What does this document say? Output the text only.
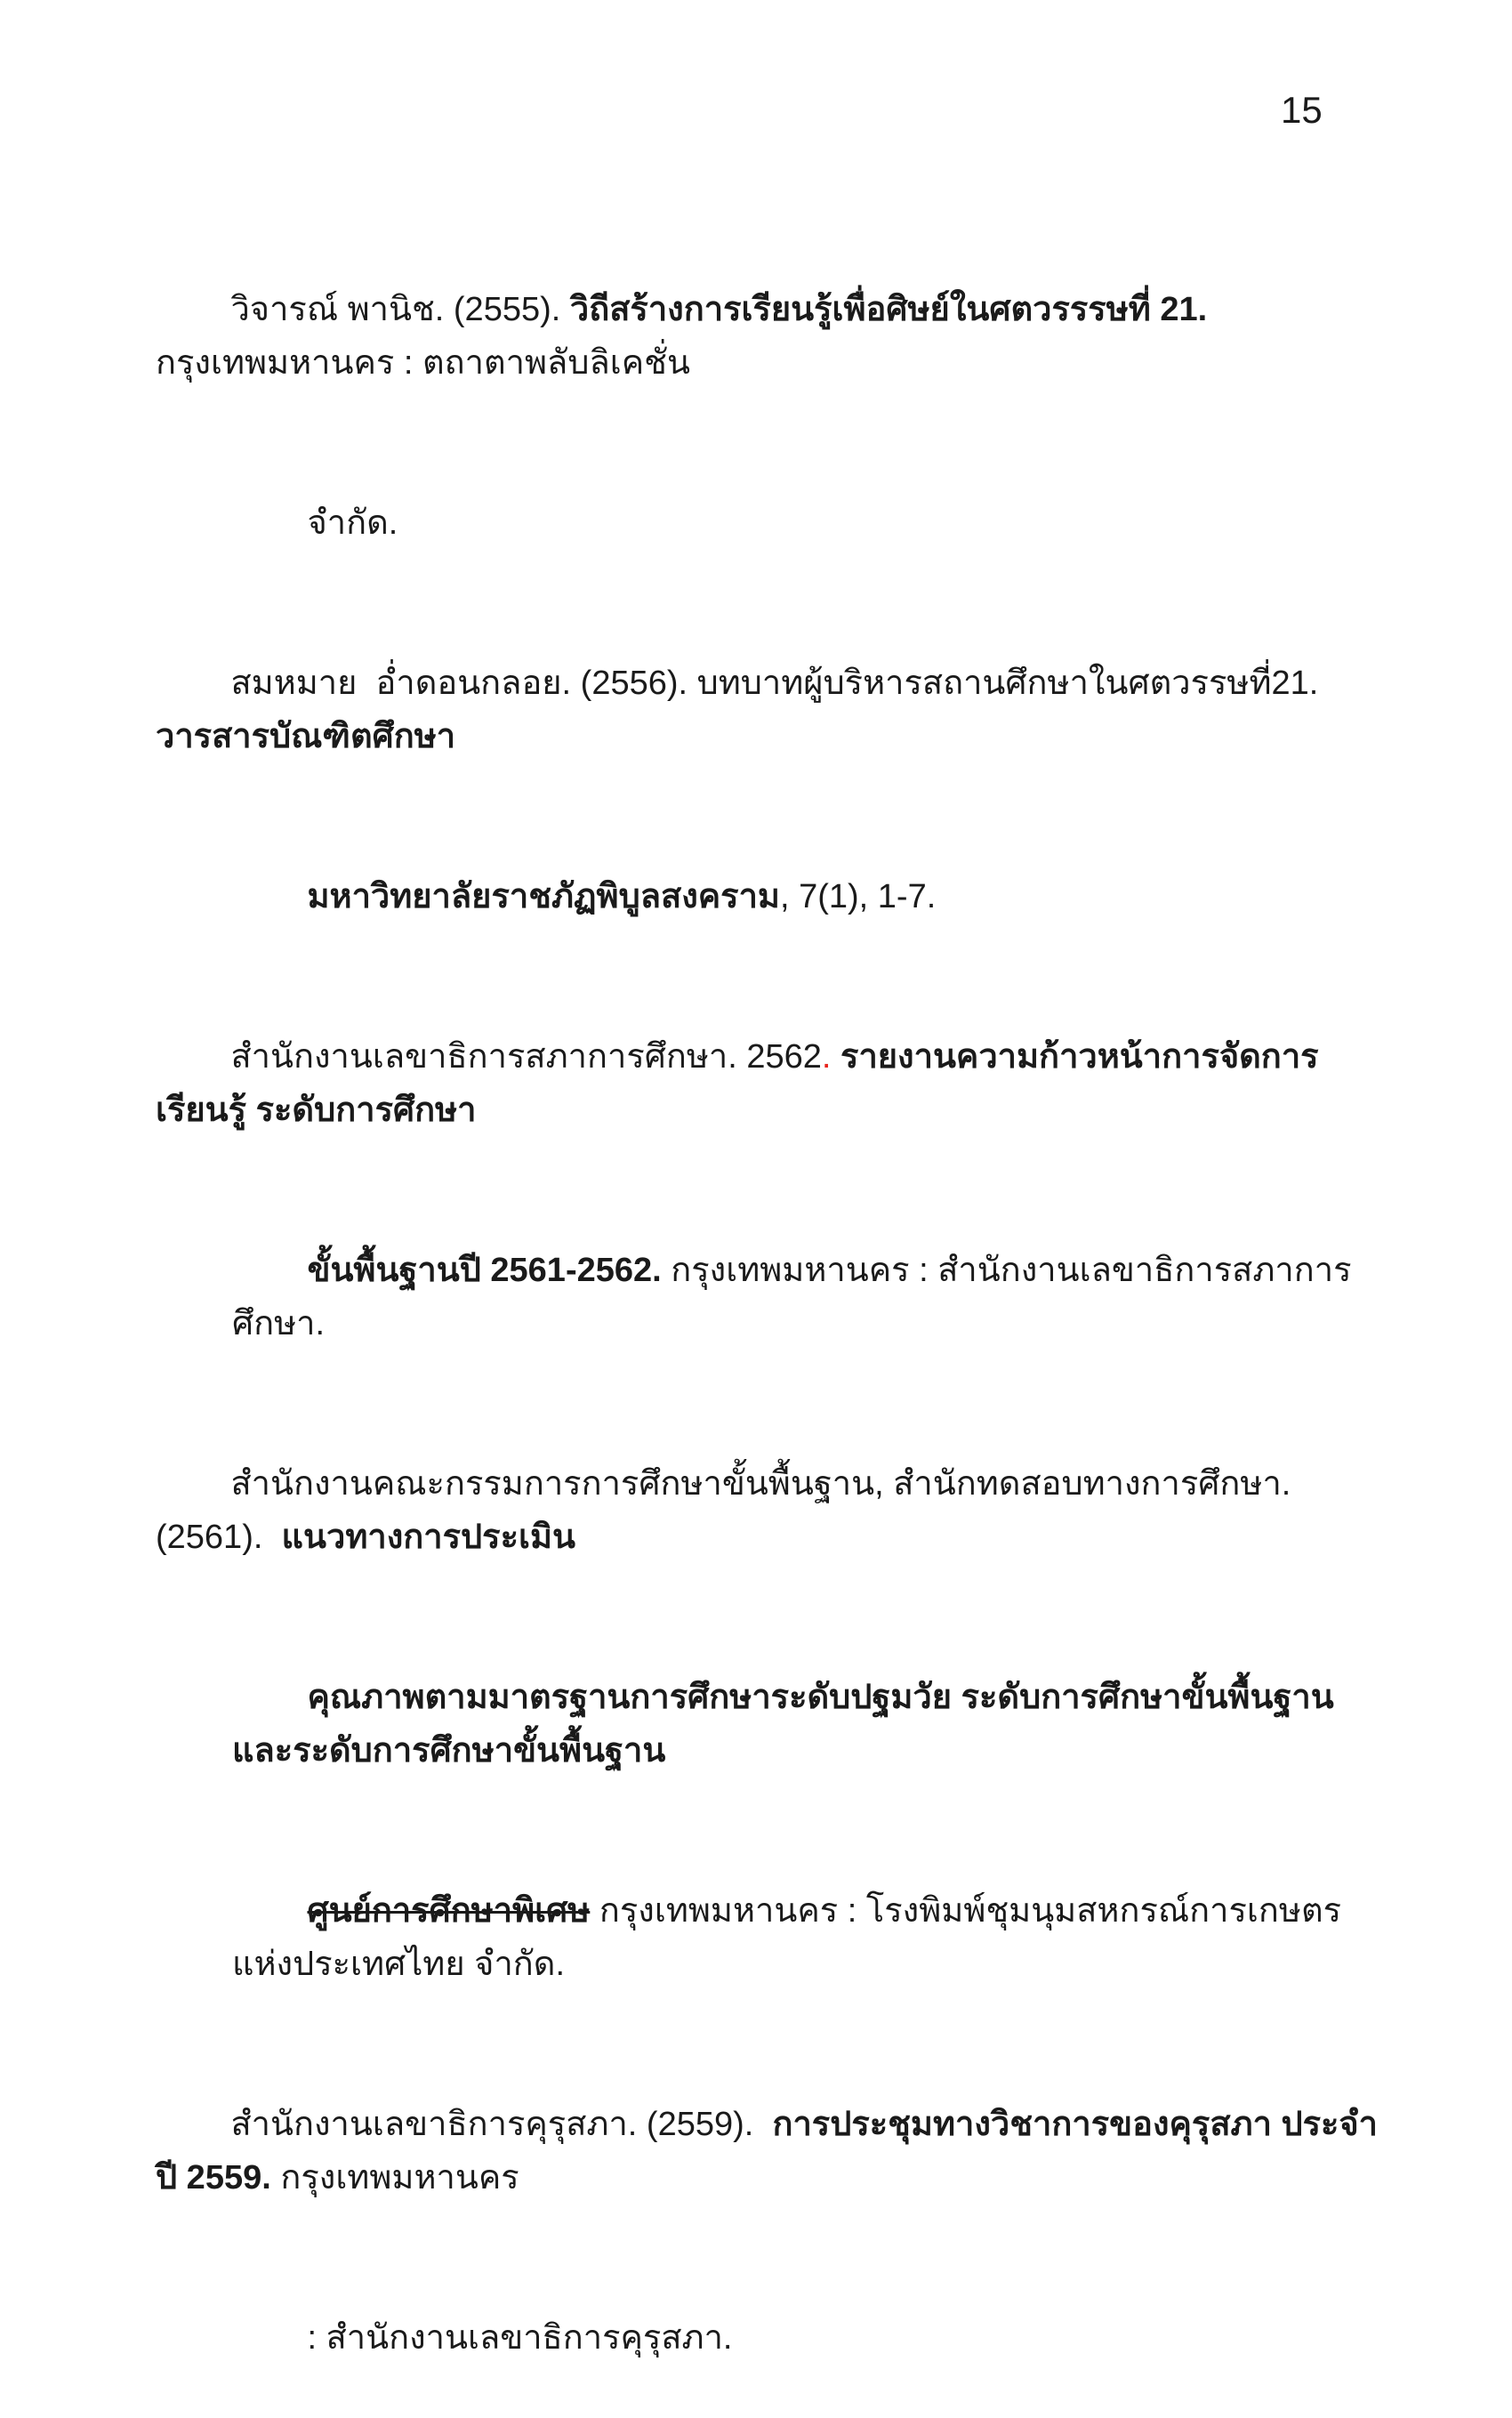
15

วิจารณ์ พานิช. (2555). วิถีสร้างการเรียนรู้เพื่อศิษย์ในศตวรรรษที่ 21. กรุงเทพมหานคร : ตถาตาพลับลิเคชั่น

จำกัด.

สมหมาย  อ่ำดอนกลอย. (2556). บทบาทผู้บริหารสถานศึกษาในศตวรรษที่21. วารสารบัณฑิตศึกษา

มหาวิทยาลัยราชภัฏพิบูลสงคราม, 7(1), 1-7.

สำนักงานเลขาธิการสภาการศึกษา. 2562. รายงานความก้าวหน้าการจัดการเรียนรู้ ระดับการศึกษา

ขั้นพื้นฐานปี 2561-2562. กรุงเทพมหานคร : สำนักงานเลขาธิการสภาการศึกษา.

สำนักงานคณะกรรมการการศึกษาขั้นพื้นฐาน, สำนักทดสอบทางการศึกษา. (2561).  แนวทางการประเมิน

คุณภาพตามมาตรฐานการศึกษาระดับปฐมวัย ระดับการศึกษาขั้นพื้นฐาน และระดับการศึกษาขั้นพื้นฐาน

ศูนย์การศึกษาพิเศษ กรุงเทพมหานคร : โรงพิมพ์ชุมนุมสหกรณ์การเกษตรแห่งประเทศไทย จำกัด.

สำนักงานเลขาธิการคุรุสภา. (2559).  การประชุมทางวิชาการของคุรุสภา ประจำปี 2559. กรุงเทพมหานคร

: สำนักงานเลขาธิการคุรุสภา.
